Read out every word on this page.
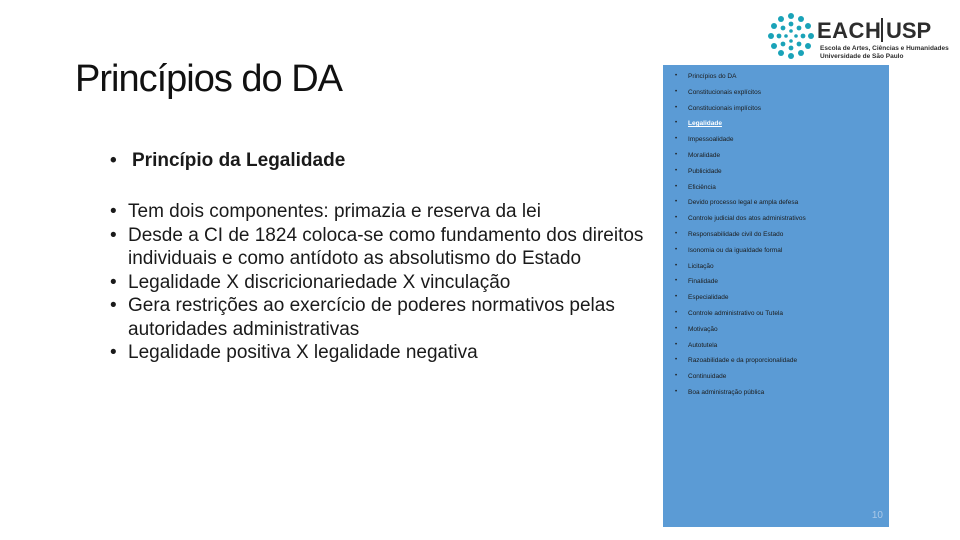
Princípios do DA
• Princípio da Legalidade
• Tem dois componentes: primazia e reserva da lei
• Desde a CI de 1824 coloca-se como fundamento dos direitos individuais e como antídoto as absolutismo do Estado
• Legalidade X discricionariedade X vinculação
• Gera restrições ao exercício de poderes normativos pelas autoridades administrativas
• Legalidade positiva X legalidade negativa
EACH USP
Escola de Artes, Ciências e Humanidades
Universidade de São Paulo
• Princípios do DA
• Constitucionais explícitos
• Constitucionais implícitos
• Legalidade
• Impessoalidade
• Moralidade
• Publicidade
• Eficiência
• Devido processo legal e ampla defesa
• Controle judicial dos atos administrativos
• Responsabilidade civil do Estado
• Isonomia ou da igualdade formal
• Licitação
• Finalidade
• Especialidade
• Controle administrativo ou Tutela
• Motivação
• Autotutela
• Razoabilidade e da proporcionalidade
• Continuidade
• Boa administração pública
10
